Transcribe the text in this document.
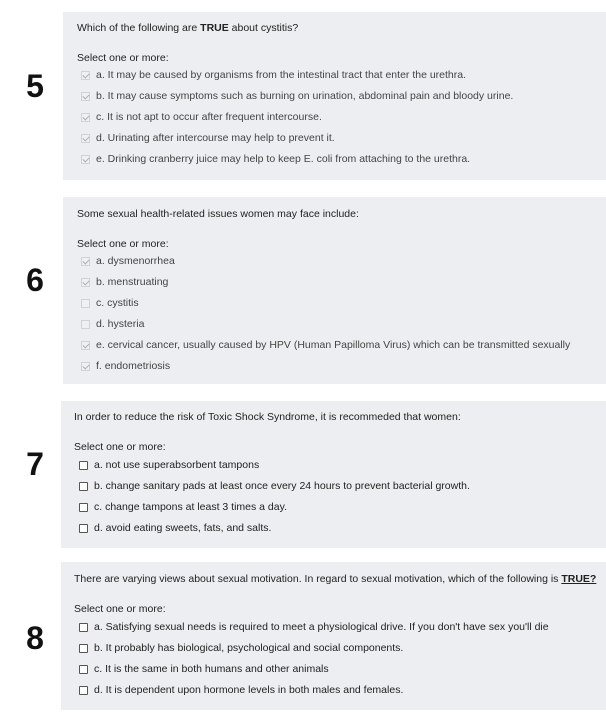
5

Which of the following are TRUE about cystitis?

Select one or more:
a. It may be caused by organisms from the intestinal tract that enter the urethra.
b. It may cause symptoms such as burning on urination, abdominal pain and bloody urine.
c. It is not apt to occur after frequent intercourse.
d. Urinating after intercourse may help to prevent it.
e. Drinking cranberry juice may help to keep E. coli from attaching to the urethra.
6

Some sexual health-related issues women may face include:

Select one or more:
a. dysmenorrhea
b. menstruating
c. cystitis
d. hysteria
e. cervical cancer, usually caused by HPV (Human Papilloma Virus) which can be transmitted sexually
f. endometriosis
7

In order to reduce the risk of Toxic Shock Syndrome, it is recommeded that women:

Select one or more:
a. not use superabsorbent tampons
b. change sanitary pads at least once every 24 hours to prevent bacterial growth.
c. change tampons at least 3 times a day.
d. avoid eating sweets, fats, and salts.
8

There are varying views about sexual motivation. In regard to sexual motivation, which of the following is TRUE?

Select one or more:
a. Satisfying sexual needs is required to meet a physiological drive. If you don't have sex you'll die
b. It probably has biological, psychological and social components.
c. It is the same in both humans and other animals
d. It is dependent upon hormone levels in both males and females.
